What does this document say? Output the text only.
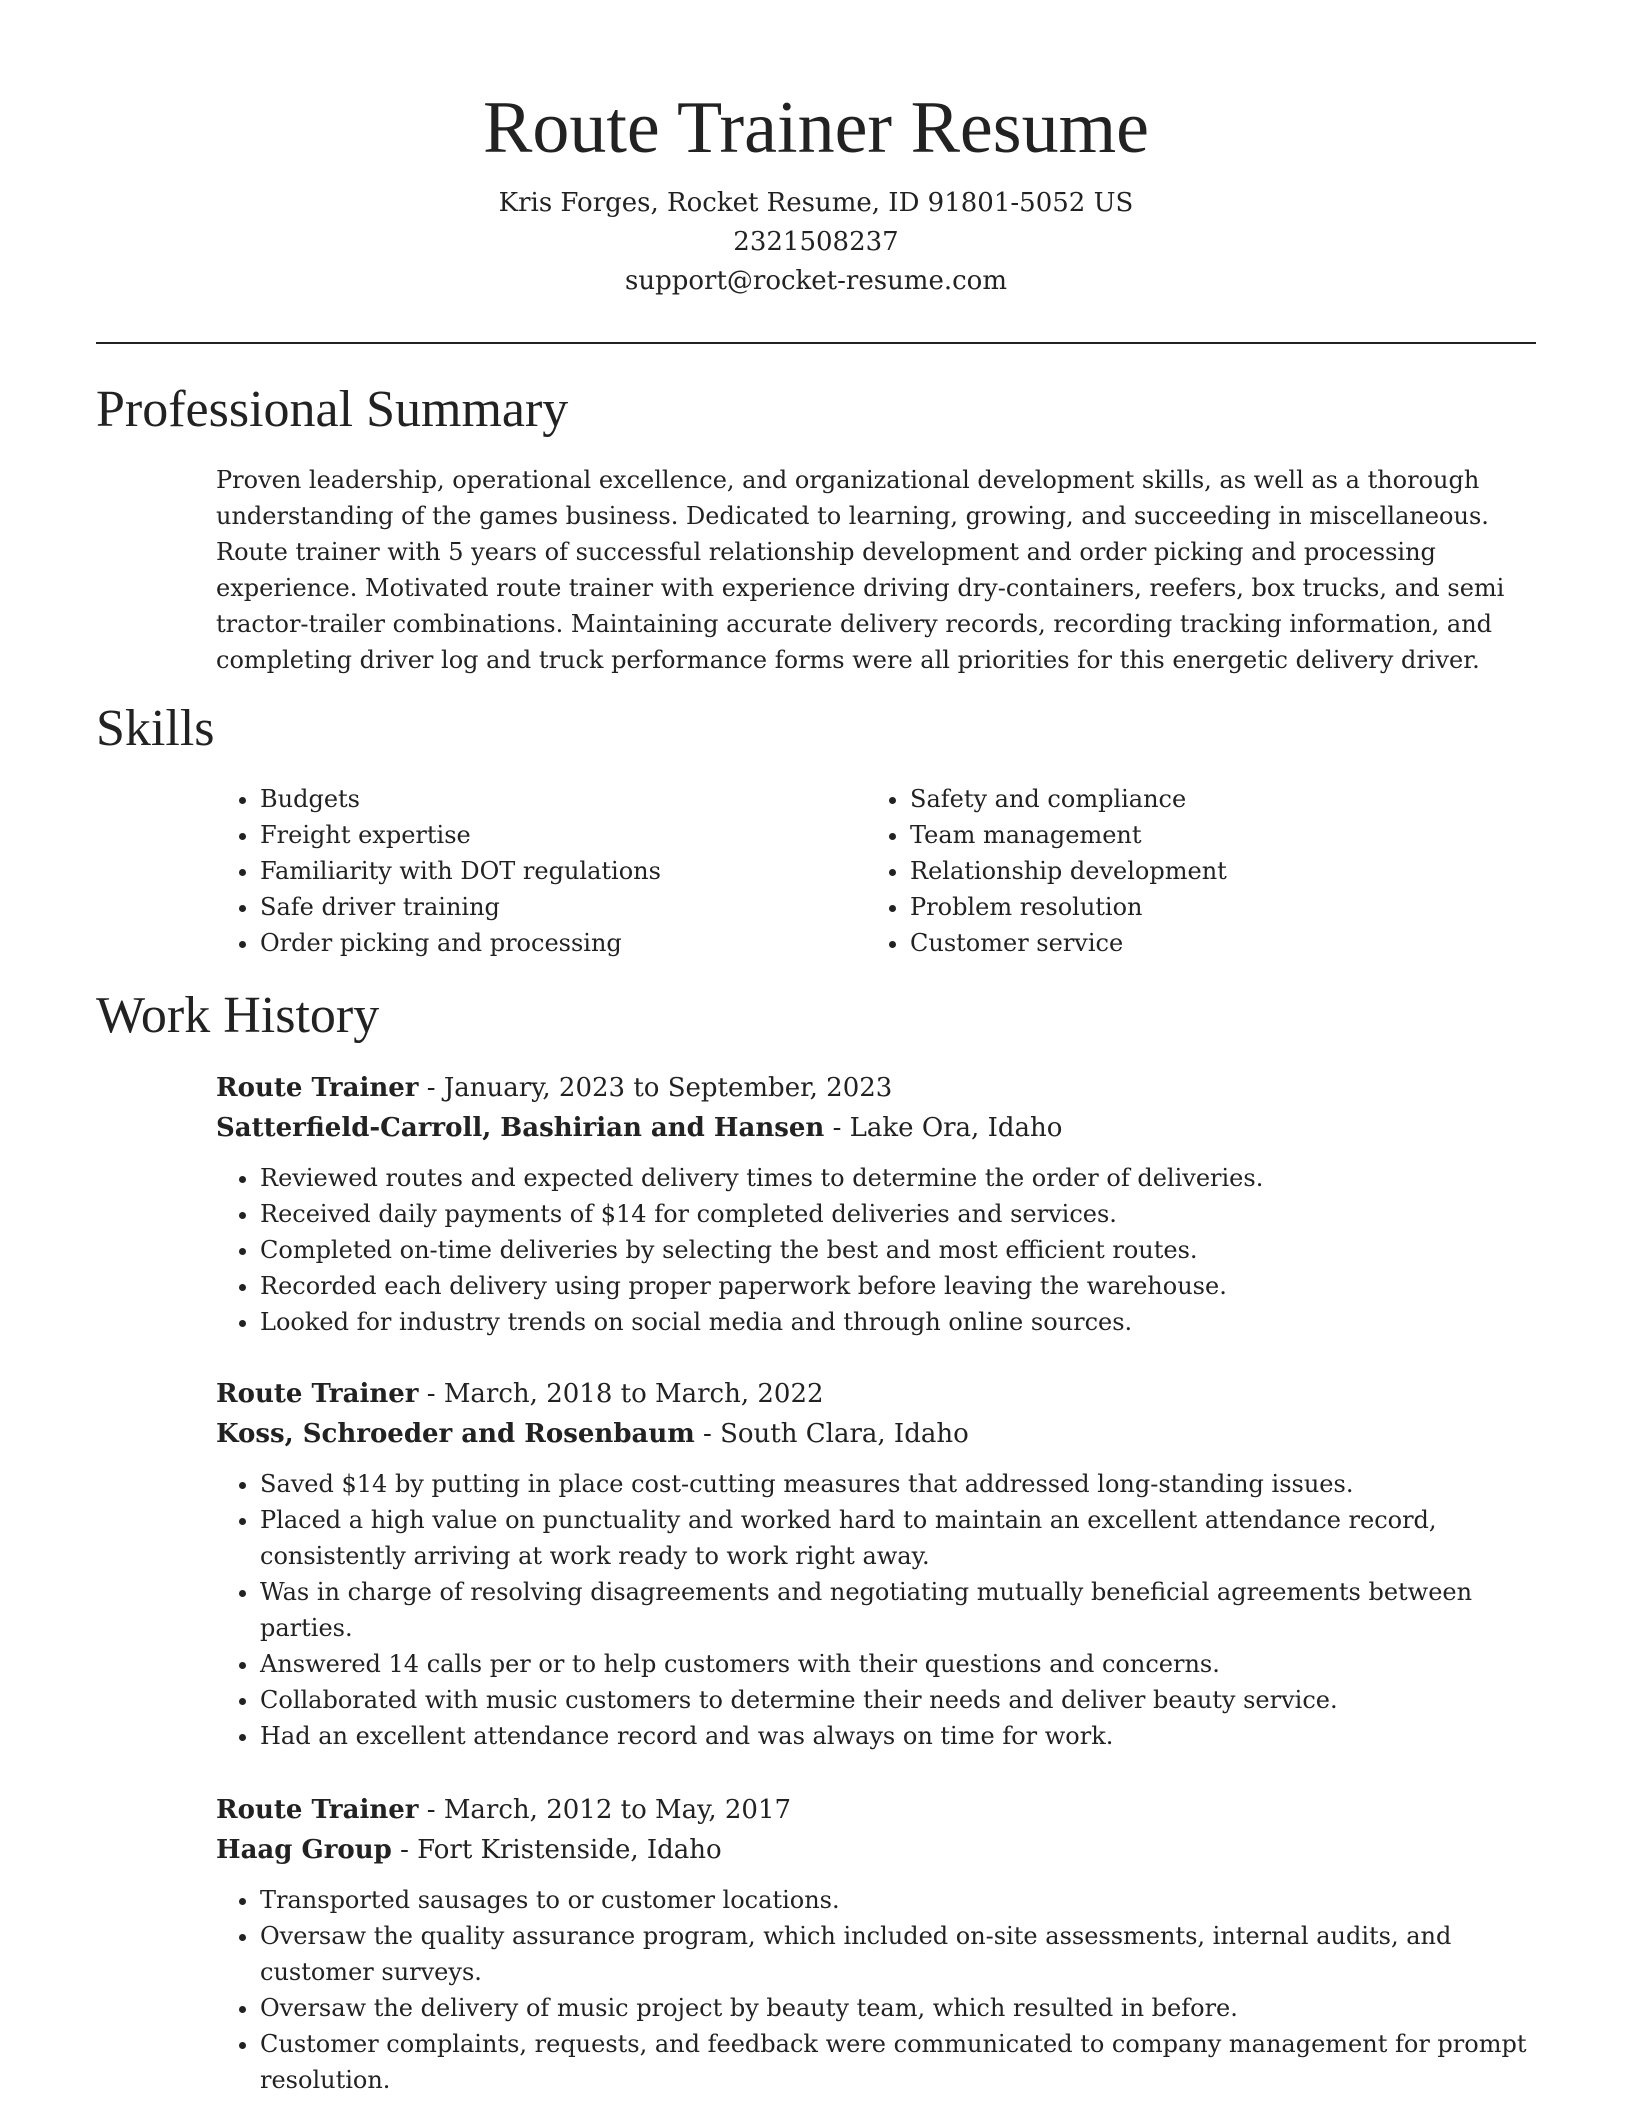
Route Trainer Resume
Kris Forges, Rocket Resume, ID 91801-5052 US
2321508237
support@rocket-resume.com
Professional Summary

Proven leadership, operational excellence, and organizational development skills, as well as a thorough understanding of the games business. Dedicated to learning, growing, and succeeding in miscellaneous. Route trainer with 5 years of successful relationship development and order picking and processing experience. Motivated route trainer with experience driving dry-containers, reefers, box trucks, and semi tractor-trailer combinations. Maintaining accurate delivery records, recording tracking information, and completing driver log and truck performance forms were all priorities for this energetic delivery driver.

Skills
• Budgets
• Freight expertise
• Familiarity with DOT regulations
• Safe driver training
• Order picking and processing
• Safety and compliance
• Team management
• Relationship development
• Problem resolution
• Customer service
Work History
Route Trainer - January, 2023 to September, 2023
Satterfield-Carroll, Bashirian and Hansen - Lake Ora, Idaho
• Reviewed routes and expected delivery times to determine the order of deliveries.
• Received daily payments of $14 for completed deliveries and services.
• Completed on-time deliveries by selecting the best and most efficient routes.
• Recorded each delivery using proper paperwork before leaving the warehouse.
• Looked for industry trends on social media and through online sources.
Route Trainer - March, 2018 to March, 2022
Koss, Schroeder and Rosenbaum - South Clara, Idaho
• Saved $14 by putting in place cost-cutting measures that addressed long-standing issues.
• Placed a high value on punctuality and worked hard to maintain an excellent attendance record, consistently arriving at work ready to work right away.
• Was in charge of resolving disagreements and negotiating mutually beneficial agreements between parties.
• Answered 14 calls per or to help customers with their questions and concerns.
• Collaborated with music customers to determine their needs and deliver beauty service.
• Had an excellent attendance record and was always on time for work.
Route Trainer - March, 2012 to May, 2017
Haag Group - Fort Kristenside, Idaho
• Transported sausages to or customer locations.
• Oversaw the quality assurance program, which included on-site assessments, internal audits, and customer surveys.
• Oversaw the delivery of music project by beauty team, which resulted in before.
• Customer complaints, requests, and feedback were communicated to company management for prompt resolution.
